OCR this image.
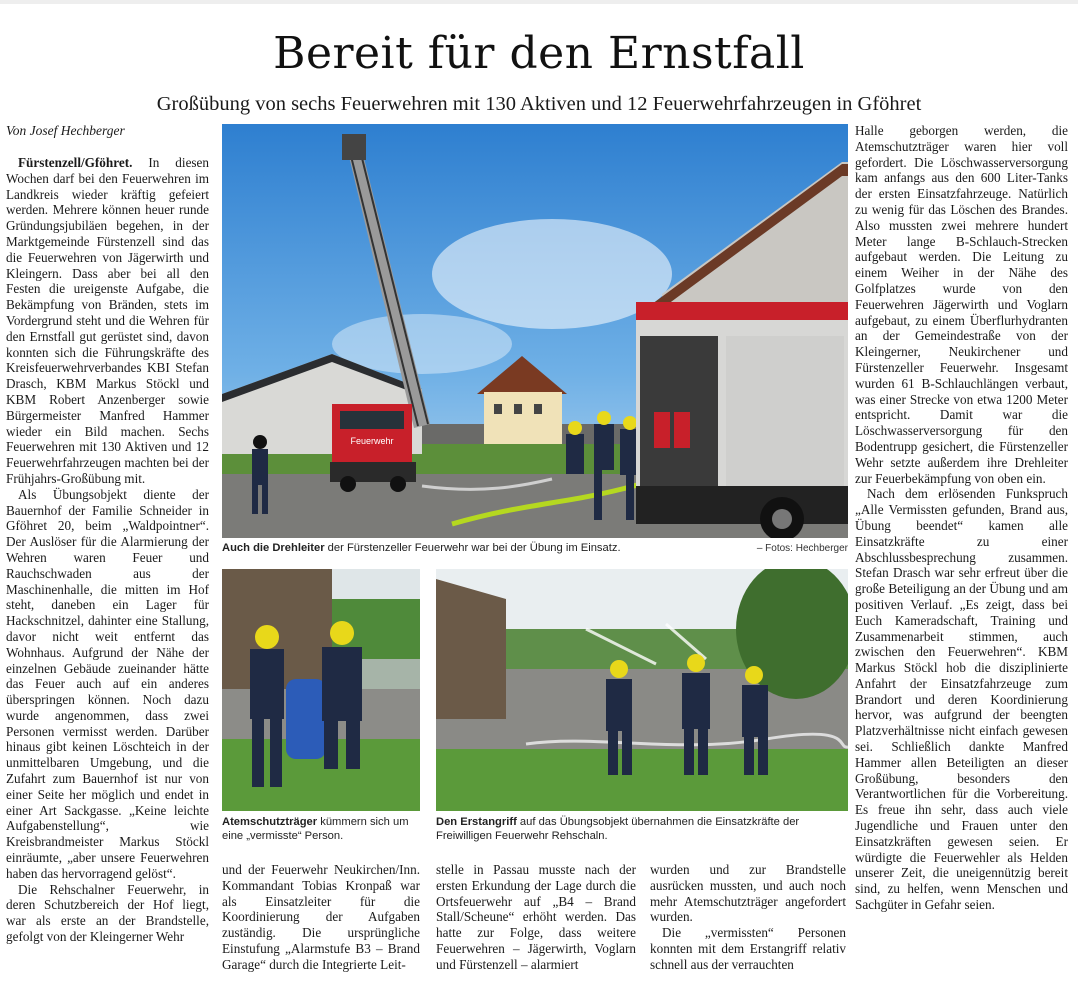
Bereit für den Ernstfall
Großübung von sechs Feuerwehren mit 130 Aktiven und 12 Feuerwehrfahrzeugen in Gföhret
Von Josef Hechberger

Fürstenzell/Gföhret. In diesen Wochen darf bei den Feuerwehren im Landkreis wieder kräftig gefeiert werden. Mehrere können heuer runde Gründungsjubiläen begehen, in der Marktgemeinde Fürstenzell sind das die Feuerwehren von Jägerwirth und Kleingern. Dass aber bei all den Festen die ureigenste Aufgabe, die Bekämpfung von Bränden, stets im Vordergrund steht und die Wehren für den Ernstfall gut gerüstet sind, davon konnten sich die Führungskräfte des Kreisfeuerwehrverbandes KBI Stefan Drasch, KBM Markus Stöckl und KBM Robert Anzenberger sowie Bürgermeister Manfred Hammer wieder ein Bild machen. Sechs Feuerwehren mit 130 Aktiven und 12 Feuerwehrfahrzeugen machten bei der Frühjahrs-Großübung mit.

Als Übungsobjekt diente der Bauernhof der Familie Schneider in Gföhret 20, beim „Waldpointner“. Der Auslöser für die Alarmierung der Wehren waren Feuer und Rauchschwaden aus der Maschinenhalle, die mitten im Hof steht, daneben ein Lager für Hackschnitzel, dahinter eine Stallung, davor nicht weit entfernt das Wohnhaus. Aufgrund der Nähe der einzelnen Gebäude zueinander hätte das Feuer auch auf ein anderes überspringen können. Noch dazu wurde angenommen, dass zwei Personen vermisst werden. Darüber hinaus gibt keinen Löschteich in der unmittelbaren Umgebung, und die Zufahrt zum Bauernhof ist nur von einer Seite her möglich und endet in einer Art Sackgasse. „Keine leichte Aufgabenstellung“, wie Kreisbrandmeister Markus Stöckl einräumte, „aber unsere Feuerwehren haben das hervorragend gelöst“.

Die Rehschalner Feuerwehr, in deren Schutzbereich der Hof liegt, war als erste an der Brandstelle, gefolgt von der Kleingerner Wehr

Feuerwehr
Auch die Drehleiter der Fürstenzeller Feuerwehr war bei der Übung im Einsatz.	– Fotos: Hechberger
Atemschutzträger kümmern sich um eine „vermisste“ Person.
Den Erstangriff auf das Übungsobjekt übernahmen die Einsatzkräfte der Freiwilligen Feuerwehr Rehschaln.
und der Feuerwehr Neukirchen/Inn. Kommandant Tobias Kronpaß war als Einsatzleiter für die Koordinierung der Aufgaben zuständig. Die ursprüngliche Einstufung „Alarmstufe B3 – Brand Garage“ durch die Integrierte Leit-
stelle in Passau musste nach der ersten Erkundung der Lage durch die Ortsfeuerwehr auf „B4 – Brand Stall/Scheune“ erhöht werden. Das hatte zur Folge, dass weitere Feuerwehren – Jägerwirth, Voglarn und Fürstenzell – alarmiert
wurden und zur Brandstelle ausrücken mussten, und auch noch mehr Atemschutzträger angefordert wurden.
Die „vermissten“ Personen konnten mit dem Erstangriff relativ schnell aus der verrauchten
Halle geborgen werden, die Atemschutzträger waren hier voll gefordert. Die Löschwasserversorgung kam anfangs aus den 600 Liter-Tanks der ersten Einsatzfahrzeuge. Natürlich zu wenig für das Löschen des Brandes. Also mussten zwei mehrere hundert Meter lange B-Schlauch-Strecken aufgebaut werden. Die Leitung zu einem Weiher in der Nähe des Golfplatzes wurde von den Feuerwehren Jägerwirth und Voglarn aufgebaut, zu einem Überflurhydranten an der Gemeindestraße von der Kleingerner, Neukirchener und Fürstenzeller Feuerwehr. Insgesamt wurden 61 B-Schlauchlängen verbaut, was einer Strecke von etwa 1200 Meter entspricht. Damit war die Löschwasserversorgung für den Bodentrupp gesichert, die Fürstenzeller Wehr setzte außerdem ihre Drehleiter zur Feuerbekämpfung von oben ein.

Nach dem erlösenden Funkspruch „Alle Vermissten gefunden, Brand aus, Übung beendet“ kamen alle Einsatzkräfte zu einer Abschlussbesprechung zusammen. Stefan Drasch war sehr erfreut über die große Beteiligung an der Übung und am positiven Verlauf. „Es zeigt, dass bei Euch Kameradschaft, Training und Zusammenarbeit stimmen, auch zwischen den Feuerwehren“. KBM Markus Stöckl hob die disziplinierte Anfahrt der Einsatzfahrzeuge zum Brandort und deren Koordinierung hervor, was aufgrund der beengten Platzverhältnisse nicht einfach gewesen sei. Schließlich dankte Manfred Hammer allen Beteiligten an dieser Großübung, besonders den Verantwortlichen für die Vorbereitung. Es freue ihn sehr, dass auch viele Jugendliche und Frauen unter den Einsatzkräften gewesen seien. Er würdigte die Feuerwehler als Helden unserer Zeit, die uneigennützig bereit sind, zu helfen, wenn Menschen und Sachgüter in Gefahr seien.
